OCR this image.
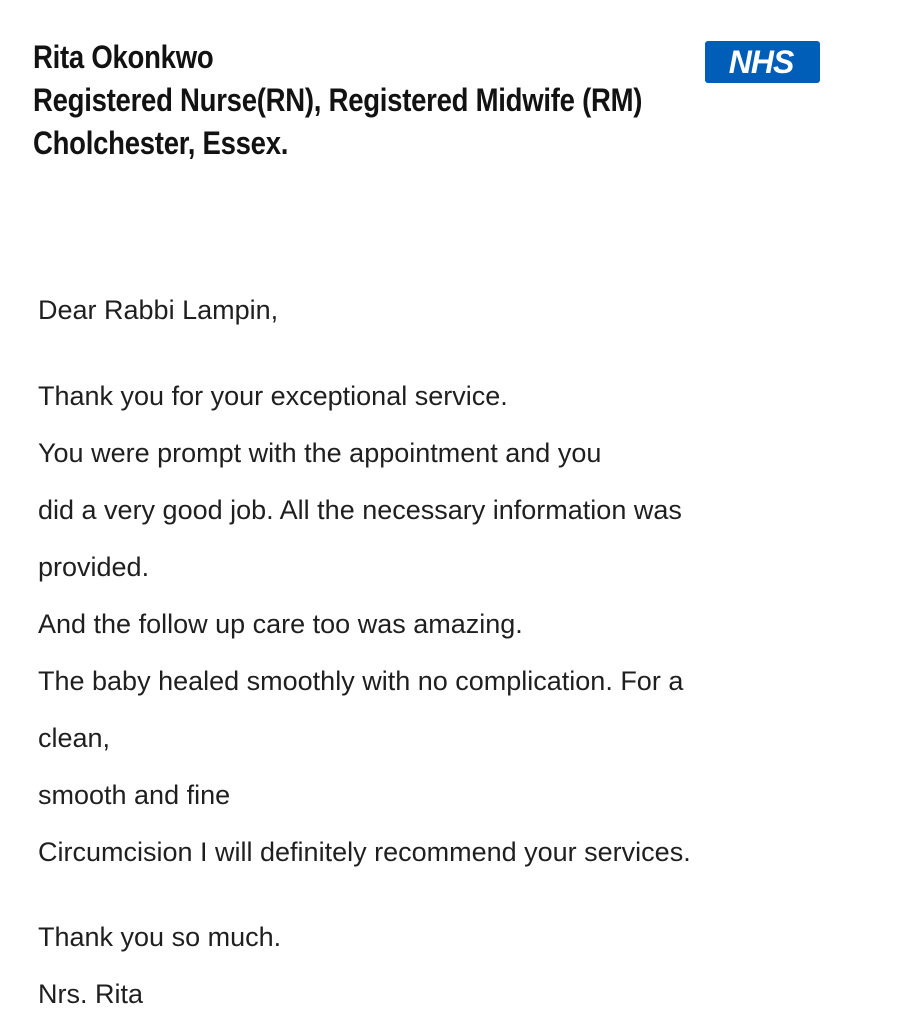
Rita Okonkwo
Registered Nurse(RN), Registered Midwife (RM)
Cholchester, Essex.
NHS

Dear Rabbi Lampin,

Thank you for your exceptional service.

You were prompt with the appointment and you

did a very good job. All the necessary information was

provided.

And the follow up care too was amazing.

The baby healed smoothly with no complication. For a

clean,

smooth and fine

Circumcision I will definitely recommend your services.

Thank you so much.

Nrs. Rita
